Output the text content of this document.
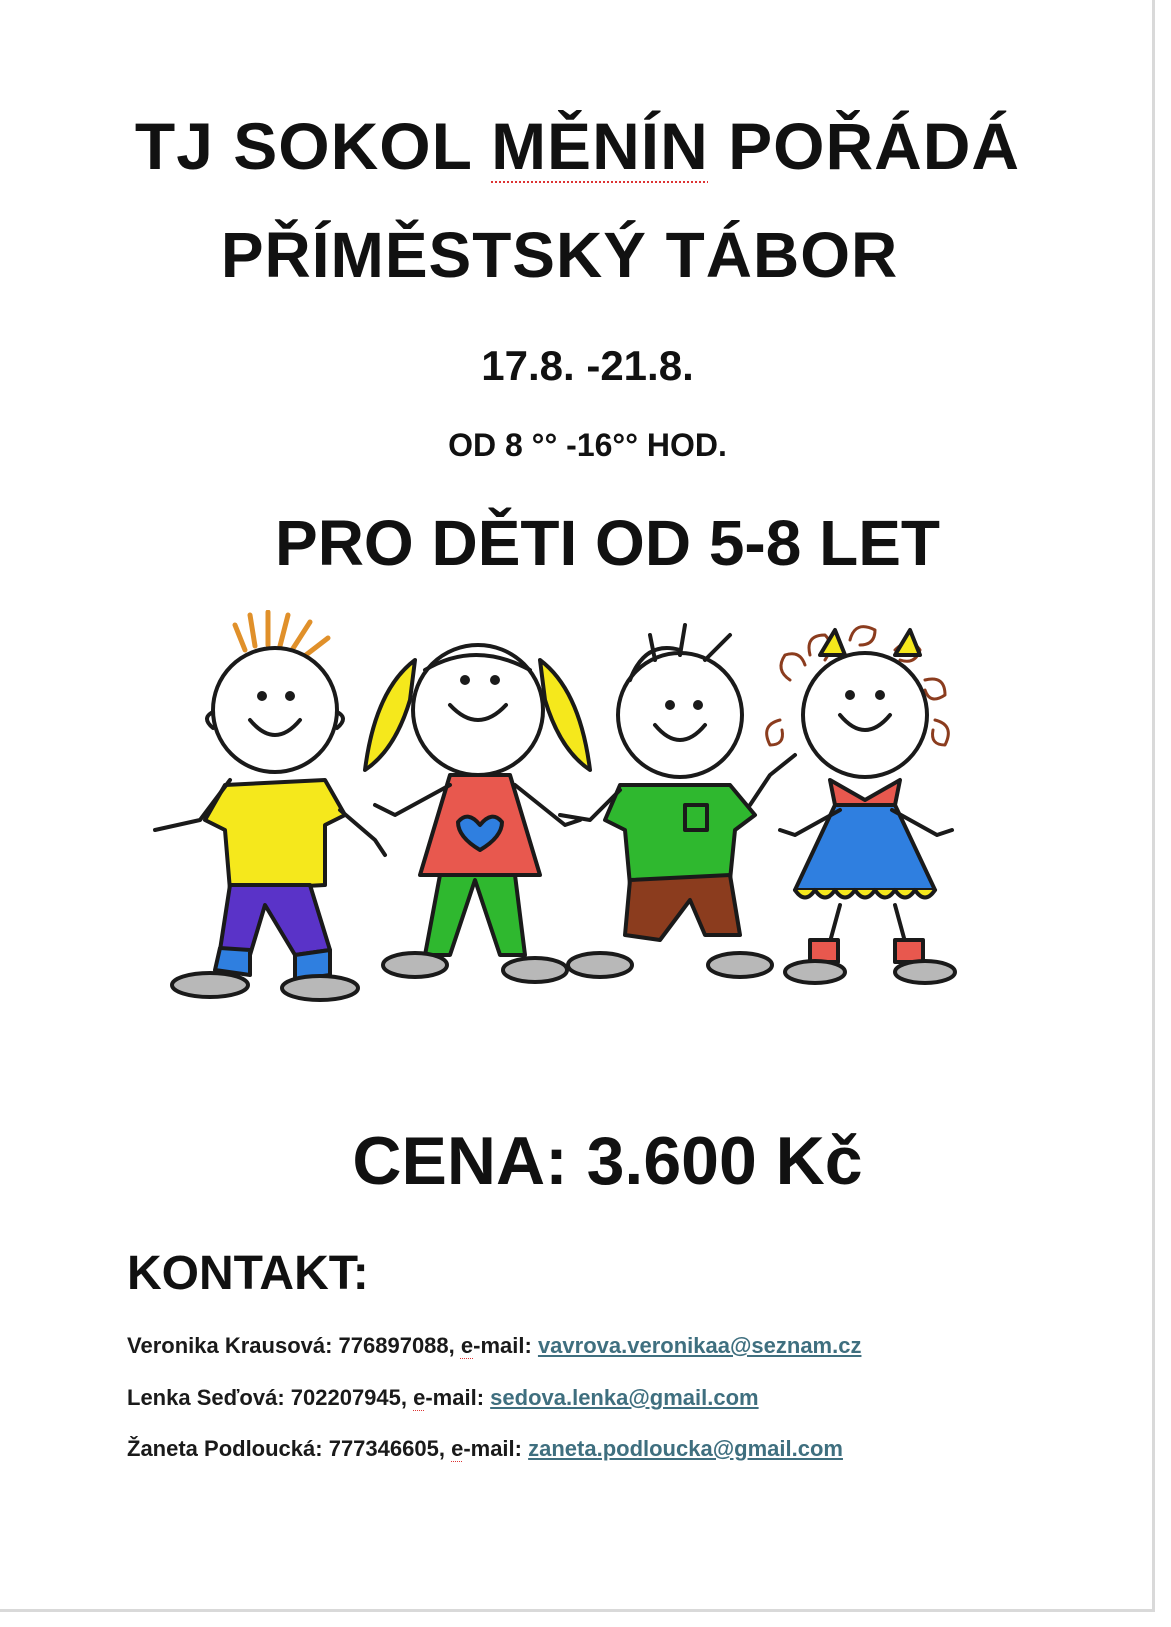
TJ SOKOL MĚNÍN POŘÁDÁ
PŘÍMĚSTSKÝ TÁBOR

17.8. -21.8.

OD 8 °° -16°° HOD.

PRO DĚTI OD 5-8 LET

CENA: 3.600 Kč

KONTAKT:
Veronika Krausová: 776897088, e-mail: vavrova.veronikaa@seznam.cz
Lenka Seďová: 702207945, e-mail: sedova.lenka@gmail.com
Žaneta Podloucká: 777346605, e-mail: zaneta.podloucka@gmail.com
